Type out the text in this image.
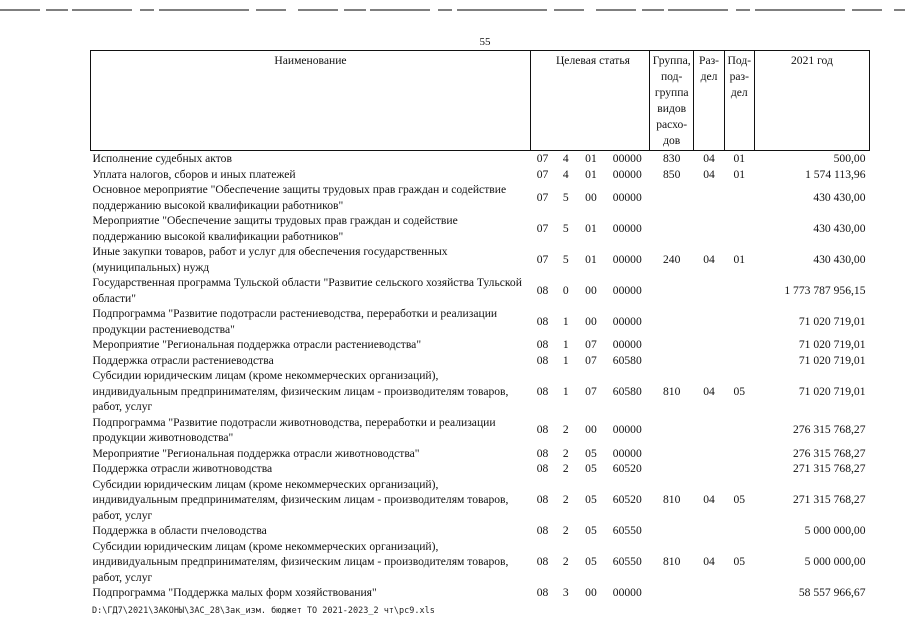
55
Наименование	Целевая статья				Группа, под-группа видов расхо-дов	Раз-дел	Под-раз-дел	2021 год
Исполнение судебных актов	07	4	01	00000	830	04	01	500,00
Уплата налогов, сборов и иных платежей	07	4	01	00000	850	04	01	1 574 113,96
Основное мероприятие "Обеспечение защиты трудовых прав граждан и содействие поддержанию высокой квалификации работников"	07	5	00	00000				430 430,00
Мероприятие "Обеспечение защиты трудовых прав граждан и содействие поддержанию высокой квалификации работников"	07	5	01	00000				430 430,00
Иные закупки товаров, работ и услуг для обеспечения государственных (муниципальных) нужд	07	5	01	00000	240	04	01	430 430,00
Государственная программа Тульской области "Развитие сельского хозяйства Тульской области"	08	0	00	00000				1 773 787 956,15
Подпрограмма "Развитие подотрасли растениеводства, переработки и реализации продукции растениеводства"	08	1	00	00000				71 020 719,01
Мероприятие "Региональная поддержка отрасли растениеводства"	08	1	07	00000				71 020 719,01
Поддержка отрасли растениеводства	08	1	07	60580				71 020 719,01
Субсидии юридическим лицам (кроме некоммерческих организаций), индивидуальным предпринимателям, физическим лицам - производителям товаров, работ, услуг	08	1	07	60580	810	04	05	71 020 719,01
Подпрограмма "Развитие подотрасли животноводства, переработки и реализации продукции животноводства"	08	2	00	00000				276 315 768,27
Мероприятие "Региональная поддержка отрасли животноводства"	08	2	05	00000				276 315 768,27
Поддержка отрасли животноводства	08	2	05	60520				271 315 768,27
Субсидии юридическим лицам (кроме некоммерческих организаций), индивидуальным предпринимателям, физическим лицам - производителям товаров, работ, услуг	08	2	05	60520	810	04	05	271 315 768,27
Поддержка в области пчеловодства	08	2	05	60550				5 000 000,00
Субсидии юридическим лицам (кроме некоммерческих организаций), индивидуальным предпринимателям, физическим лицам - производителям товаров, работ, услуг	08	2	05	60550	810	04	05	5 000 000,00
Подпрограмма "Поддержка малых форм хозяйствования"	08	3	00	00000				58 557 966,67
D:\ГД7\2021\ЗАКОНЫ\ЗАС_28\Зак_изм. бюджет ТО 2021-2023_2 чт\рс9.xls
